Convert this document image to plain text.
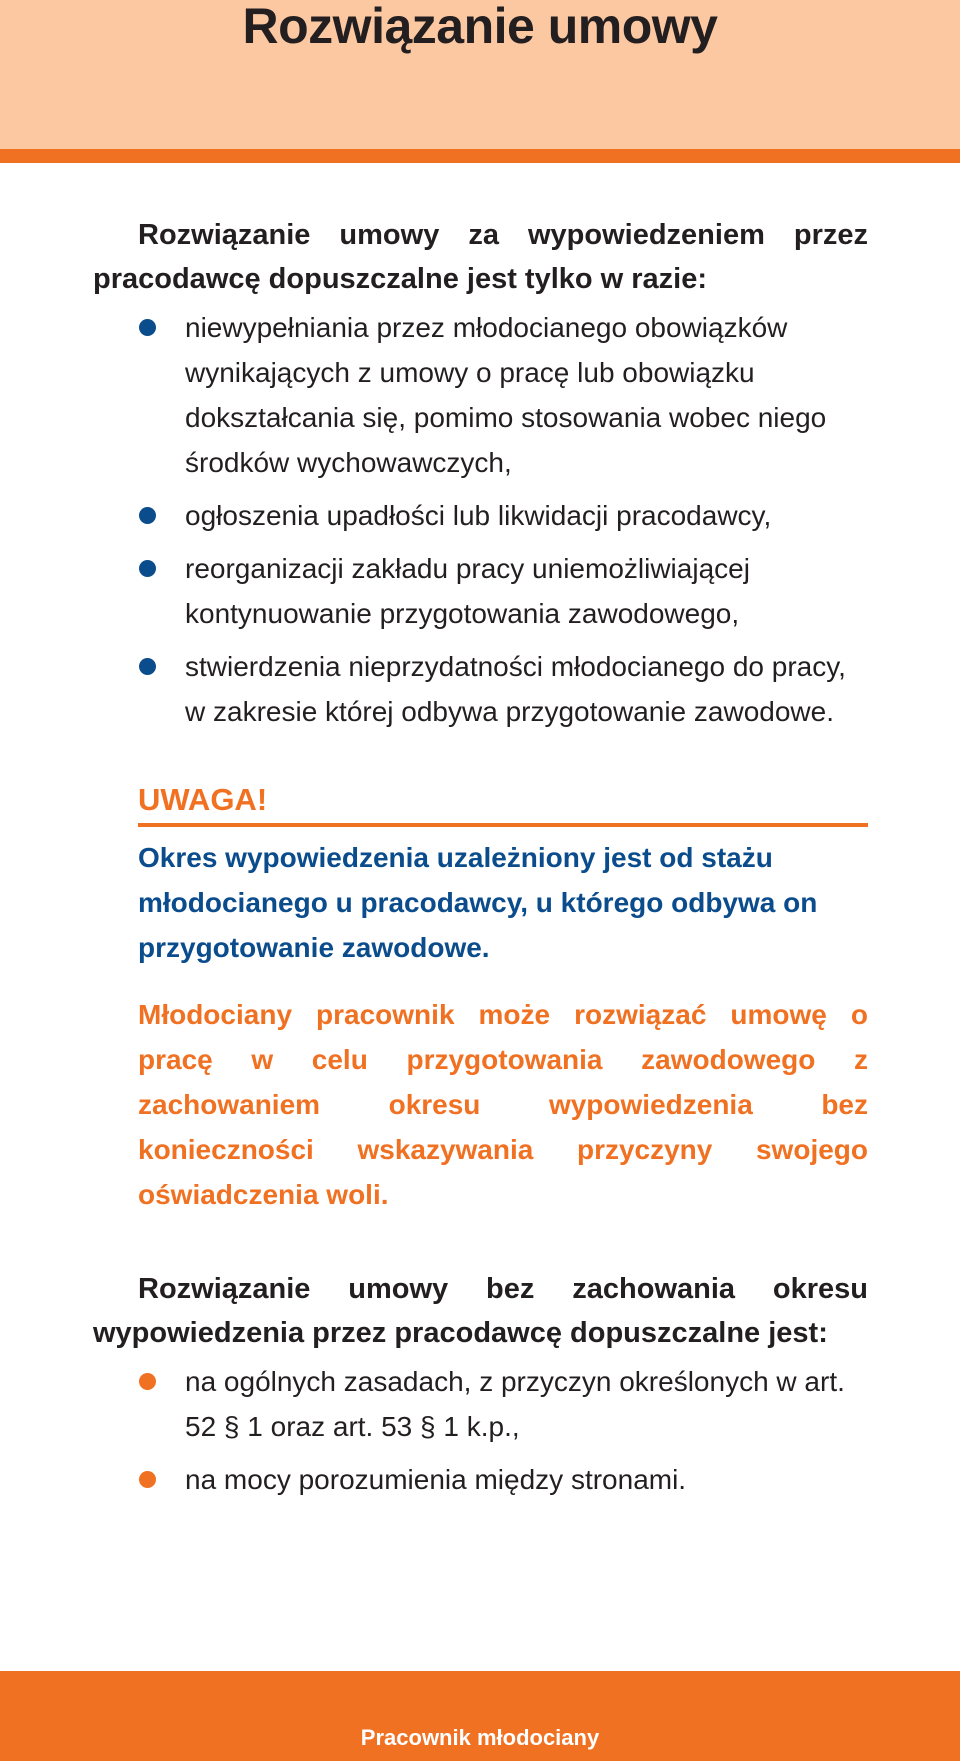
Rozwiązanie umowy

Rozwiązanie umowy za wypowiedzeniem przez pracodawcę dopuszczalne jest tylko w razie:

niewypełniania przez młodocianego obowiązków wynikających z umowy o pracę lub obowiązku dokształcania się, pomimo stosowania wobec niego środków wychowawczych,
ogłoszenia upadłości lub likwidacji pracodawcy,
reorganizacji zakładu pracy uniemożliwiającej kontynuowanie przygotowania zawodowego,
stwierdzenia nieprzydatności młodocianego do pracy, w zakresie której odbywa przygotowanie zawodowe.

UWAGA!

Okres wypowiedzenia uzależniony jest od stażu młodocianego u pracodawcy, u którego odbywa on przygotowanie zawodowe.

Młodociany pracownik może rozwiązać umowę o pracę w celu przygotowania zawodowego z zachowaniem okresu wypowiedzenia bez konieczności wskazywania przyczyny swojego oświadczenia woli.

Rozwiązanie umowy bez zachowania okresu wypowiedzenia przez pracodawcę dopuszczalne jest:

na ogólnych zasadach, z przyczyn określonych w art. 52 § 1 oraz art. 53 § 1 k.p.,
na mocy porozumienia między stronami.
Pracownik młodociany
